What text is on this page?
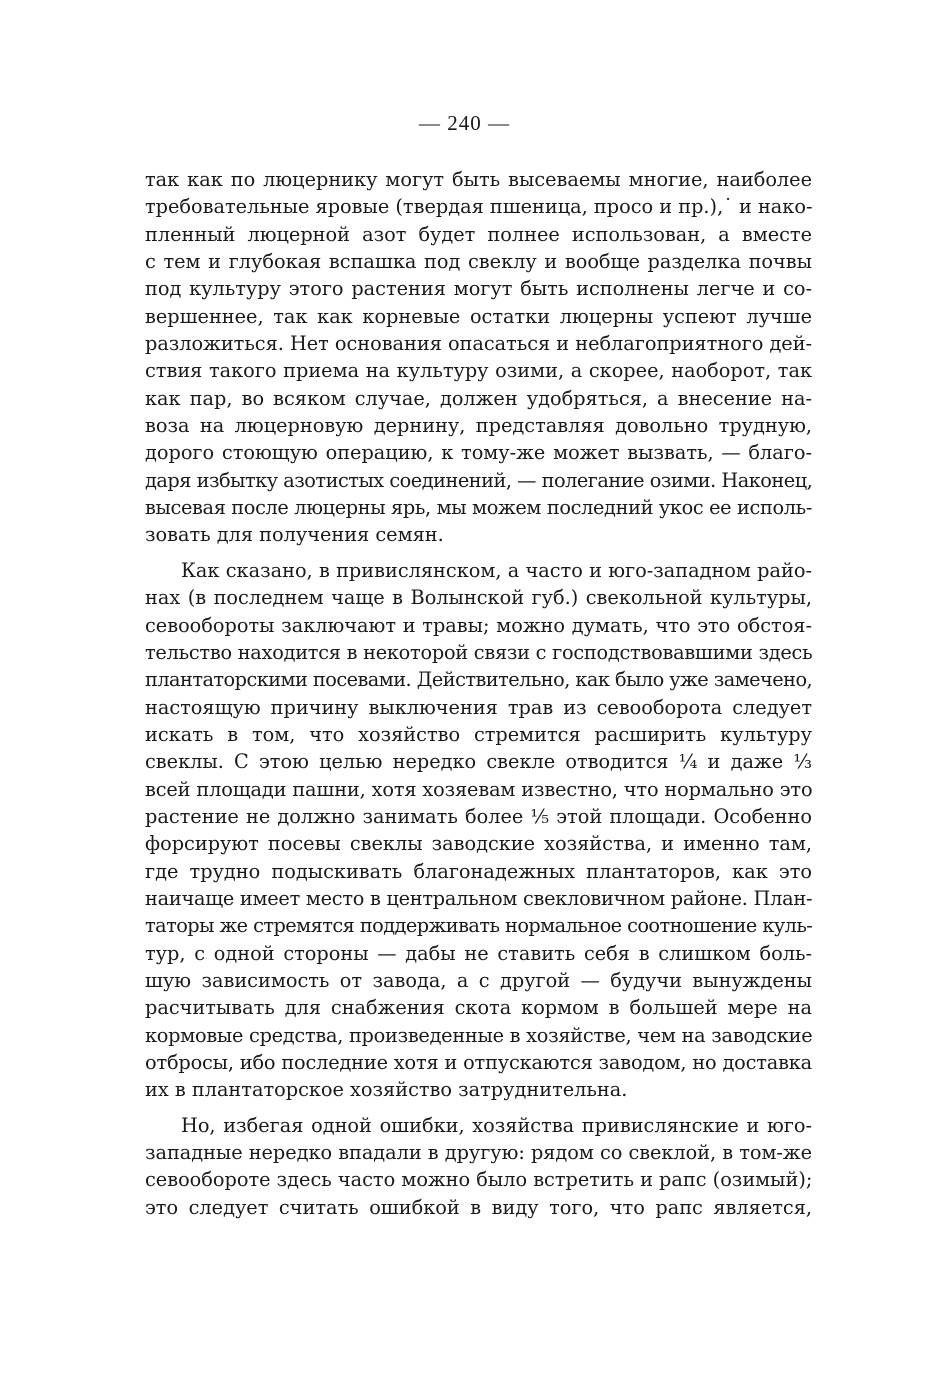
— 240 —
так как по люцернику могут быть высеваемы многие, наиболее
требовательные яровые (твердая пшеница, просо и пр.),˙ и нако-
пленный люцерной азот будет полнее использован, а вместе
с тем и глубокая вспашка под свеклу и вообще разделка почвы
под культуру этого растения могут быть исполнены легче и со-
вершеннее, так как корневые остатки люцерны успеют лучше
разложиться. Нет основания опасаться и неблагоприятного дей-
ствия такого приема на культуру озими, а скорее, наоборот, так
как пар, во всяком случае, должен удобряться, а внесение на-
воза на люцерновую дернину, представляя довольно трудную,
дорого стоющую операцию, к тому-же может вызвать, — благо-
даря избытку азотистых соединений, — полегание озими. Наконец,
высевая после люцерны ярь, мы можем последний укос ее исполь-
зовать для получения семян.
Как сказано, в привислянском, а часто и юго-западном райо-
нах (в последнем чаще в Волынской губ.) свекольной культуры,
севообороты заключают и травы; можно думать, что это обстоя-
тельство находится в некоторой связи с господствовавшими здесь
плантаторскими посевами. Действительно, как было уже замечено,
настоящую причину выключения трав из севооборота следует
искать в том, что хозяйство стремится расширить культуру
свеклы. С этою целью нередко свекле отводится ¹⁄₄ и даже ¹⁄₃
всей площади пашни, хотя хозяевам известно, что нормально это
растение не должно занимать более ¹⁄₅ этой площади. Особенно
форсируют посевы свеклы заводские хозяйства, и именно там,
где трудно подыскивать благонадежных плантаторов, как это
наичаще имеет место в центральном свекловичном районе. План-
таторы же стремятся поддерживать нормальное соотношение куль-
тур, с одной стороны — дабы не ставить себя в слишком боль-
шую зависимость от завода, а с другой — будучи вынуждены
расчитывать для снабжения скота кормом в большей мере на
кормовые средства, произведенные в хозяйстве, чем на заводские
отбросы, ибо последние хотя и отпускаются заводом, но доставка
их в плантаторское хозяйство затруднительна.
Но, избегая одной ошибки, хозяйства привислянские и юго-
западные нередко впадали в другую: рядом со свеклой, в том-же
севообороте здесь часто можно было встретить и рапс (озимый);
это следует считать ошибкой в виду того, что рапс является,
